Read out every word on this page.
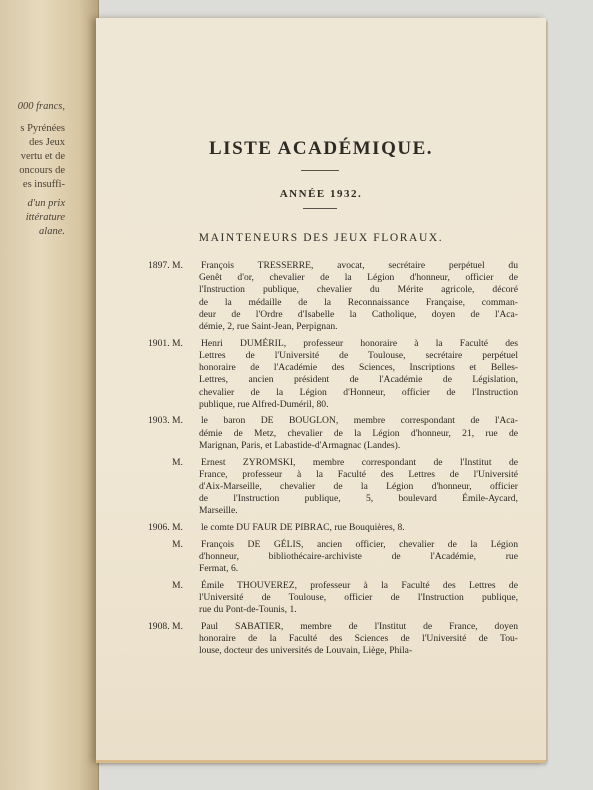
000 francs,
s Pyrénées
des Jeux
vertu et de
oncours de
es insuffi-
d'un prix
ittérature
alane.
LISTE ACADÉMIQUE.
ANNÉE 1932.
MAINTENEURS DES JEUX FLORAUX.
1897. M. François TRESSERRE, avocat, secrétaire perpétuel du
Genêt d'or, chevalier de la Légion d'honneur, officier de
l'Instruction publique, chevalier du Mérite agricole, décoré
de la médaille de la Reconnaissance Française, comman-
deur de l'Ordre d'Isabelle la Catholique, doyen de l'Aca-
démie, 2, rue Saint-Jean, Perpignan.
1901. M. Henri DUMÉRIL, professeur honoraire à la Faculté des
Lettres de l'Université de Toulouse, secrétaire perpétuel
honoraire de l'Académie des Sciences, Inscriptions et Belles-
Lettres, ancien président de l'Académie de Législation,
chevalier de la Légion d'Honneur, officier de l'Instruction
publique, rue Alfred-Duméril, 80.
1903. M. le baron DE BOUGLON, membre correspondant de l'Aca-
démie de Metz, chevalier de la Légion d'honneur, 21, rue de
Marignan, Paris, et Labastide-d'Armagnac (Landes).
M. Ernest ZYROMSKI, membre correspondant de l'Institut de
France, professeur à la Faculté des Lettres de l'Université
d'Aix-Marseille, chevalier de la Légion d'honneur, officier
de l'Instruction publique, 5, boulevard Émile-Aycard,
Marseille.
1906. M. le comte DU FAUR DE PIBRAC, rue Bouquières, 8.
M. François DE GÉLIS, ancien officier, chevalier de la Légion
d'honneur, bibliothécaire-archiviste de l'Académie, rue
Fermat, 6.
M. Émile THOUVEREZ, professeur à la Faculté des Lettres de
l'Université de Toulouse, officier de l'Instruction publique,
rue du Pont-de-Tounis, 1.
1908. M. Paul SABATIER, membre de l'Institut de France, doyen
honoraire de la Faculté des Sciences de l'Université de Tou-
louse, docteur des universités de Louvain, Liège, Phila-
